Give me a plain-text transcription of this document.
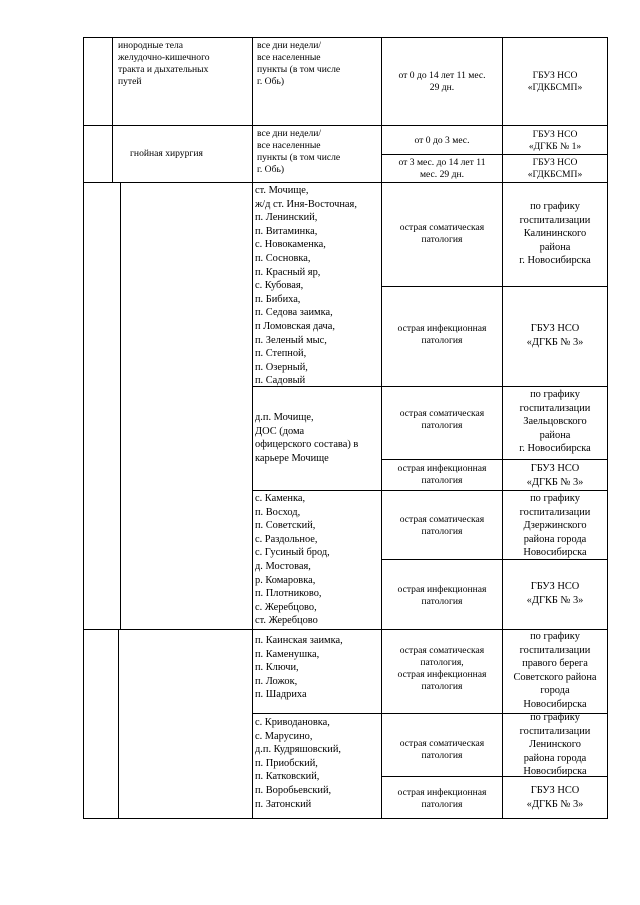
инородные тела
желудочно-кишечного
тракта и дыхательных
путей
все дни недели/
все населенные
пункты (в том числе
г. Обь)
от 0 до 14 лет 11 мес.
29 дн.
ГБУЗ НСО
«ГДКБСМП»
гнойная хирургия
все дни недели/
все населенные
пункты (в том числе
г. Обь)
от 0 до 3 мес.
ГБУЗ НСО
«ДГКБ № 1»
от 3 мес. до 14 лет 11
мес. 29 дн.
ГБУЗ НСО
«ГДКБСМП»
ст. Мочище,
ж/д ст. Иня-Восточная,
п. Ленинский,
п. Витаминка,
с. Новокаменка,
п. Сосновка,
п. Красный яр,
с. Кубовая,
п. Бибиха,
п. Седова заимка,
п Ломовская дача,
п. Зеленый мыс,
п. Степной,
п. Озерный,
п. Садовый
острая соматическая
патология
по графику
госпитализации
Калининского
района
г. Новосибирска
острая инфекционная
патология
ГБУЗ НСО
«ДГКБ № 3»
д.п. Мочище,
ДОС (дома
офицерского состава) в
карьере Мочище
острая соматическая
патология
по графику
госпитализации
Заельцовского
района
г. Новосибирска
острая инфекционная
патология
ГБУЗ НСО
«ДГКБ № 3»
с. Каменка,
п. Восход,
п. Советский,
с. Раздольное,
с. Гусиный брод,
д. Мостовая,
р. Комаровка,
п. Плотниково,
с. Жеребцово,
ст. Жеребцово
острая соматическая
патология
по графику
госпитализации
Дзержинского
района города
Новосибирска
острая инфекционная
патология
ГБУЗ НСО
«ДГКБ № 3»
п. Каинская заимка,
п. Каменушка,
п. Ключи,
п. Ложок,
п. Шадриха
острая соматическая
патология,
острая инфекционная
патология
по графику
госпитализации
правого берега
Советского района
города
Новосибирска
с. Криводановка,
с. Марусино,
д.п. Кудряшовский,
п. Приобский,
п. Катковский,
п. Воробьевский,
п. Затонский
острая соматическая
патология
по графику
госпитализации
Ленинского
района города
Новосибирска
острая инфекционная
патология
ГБУЗ НСО
«ДГКБ № 3»
